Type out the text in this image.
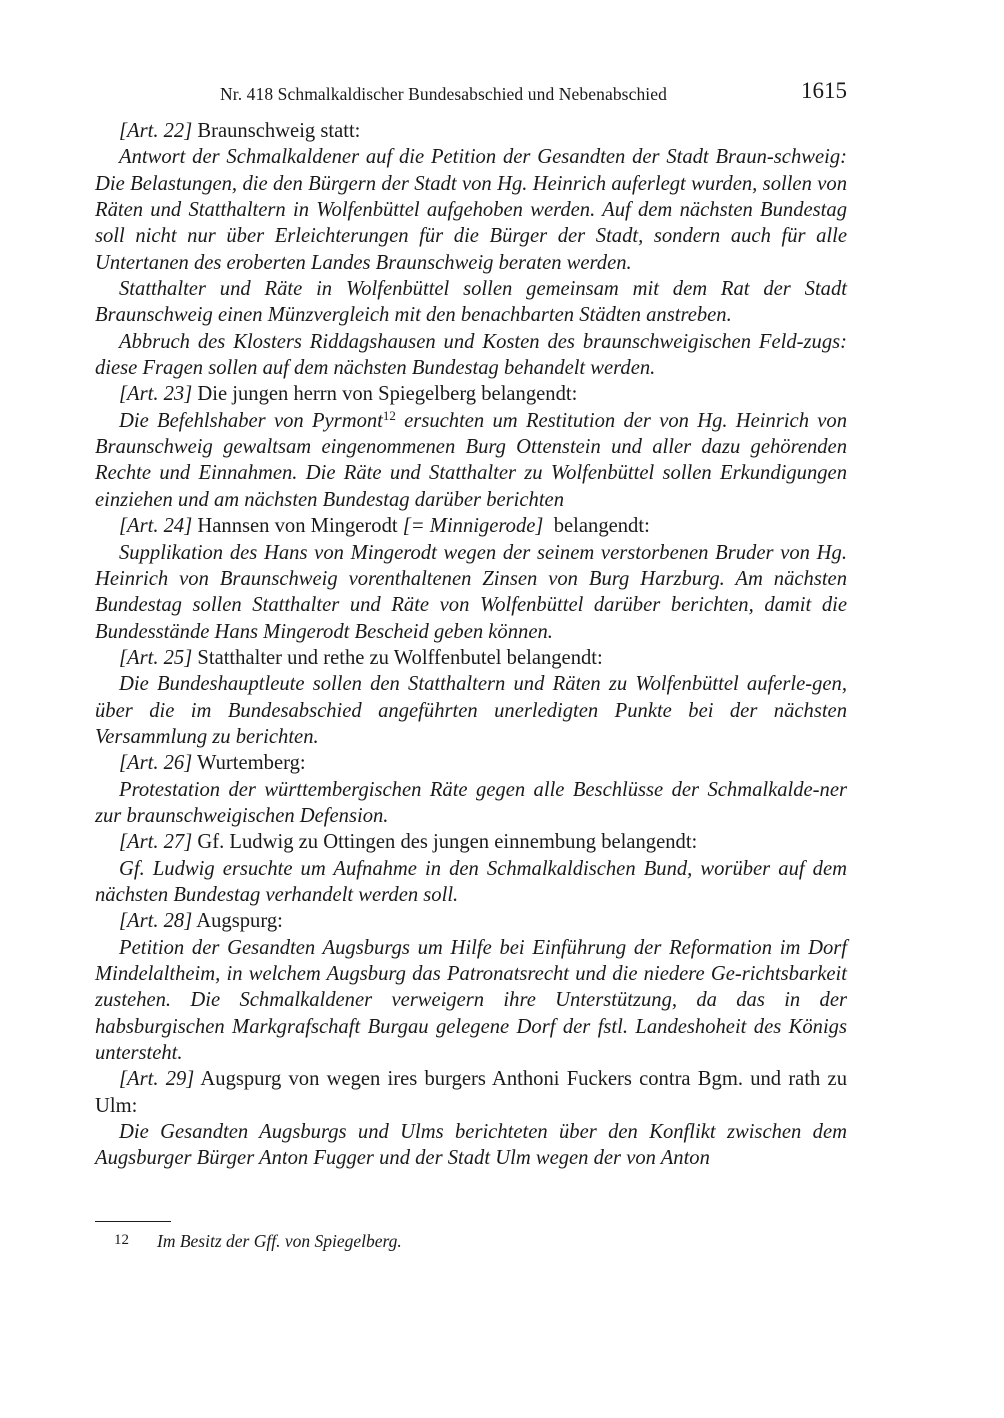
Nr. 418 Schmalkaldischer Bundesabschied und Nebenabschied	1615

[Art. 22] Braunschweig statt:

Antwort der Schmalkaldener auf die Petition der Gesandten der Stadt Braun-schweig: Die Belastungen, die den Bürgern der Stadt von Hg. Heinrich auferlegt wurden, sollen von Räten und Statthaltern in Wolfenbüttel aufgehoben werden. Auf dem nächsten Bundestag soll nicht nur über Erleichterungen für die Bürger der Stadt, sondern auch für alle Untertanen des eroberten Landes Braunschweig beraten werden.

Statthalter und Räte in Wolfenbüttel sollen gemeinsam mit dem Rat der Stadt Braunschweig einen Münzvergleich mit den benachbarten Städten anstreben.

Abbruch des Klosters Riddagshausen und Kosten des braunschweigischen Feld-zugs: diese Fragen sollen auf dem nächsten Bundestag behandelt werden.

[Art. 23] Die jungen herrn von Spiegelberg belangendt:

Die Befehlshaber von Pyrmont$^{12}$ ersuchten um Restitution der von Hg. Heinrich von Braunschweig gewaltsam eingenommenen Burg Ottenstein und aller dazu gehörenden Rechte und Einnahmen. Die Räte und Statthalter zu Wolfenbüttel sollen Erkundigungen einziehen und am nächsten Bundestag darüber berichten

[Art. 24] Hannsen von Mingerodt [= Minnigerode]  belangendt:

Supplikation des Hans von Mingerodt wegen der seinem verstorbenen Bruder von Hg. Heinrich von Braunschweig vorenthaltenen Zinsen von Burg Harzburg. Am nächsten Bundestag sollen Statthalter und Räte von Wolfenbüttel darüber berichten, damit die Bundesstände Hans Mingerodt Bescheid geben können.

[Art. 25] Statthalter und rethe zu Wolffenbutel belangendt:

Die Bundeshauptleute sollen den Statthaltern und Räten zu Wolfenbüttel auferle-gen, über die im Bundesabschied angeführten unerledigten Punkte bei der nächsten Versammlung zu berichten.

[Art. 26] Wurtemberg:

Protestation der württembergischen Räte gegen alle Beschlüsse der Schmalkalde-ner zur braunschweigischen Defension.

[Art. 27] Gf. Ludwig zu Ottingen des jungen einnembung belangendt:

Gf. Ludwig ersuchte um Aufnahme in den Schmalkaldischen Bund, worüber auf dem nächsten Bundestag verhandelt werden soll.

[Art. 28] Augspurg:

Petition der Gesandten Augsburgs um Hilfe bei Einführung der Reformation im Dorf Mindelaltheim, in welchem Augsburg das Patronatsrecht und die niedere Ge-richtsbarkeit zustehen. Die Schmalkaldener verweigern ihre Unterstützung, da das in der habsburgischen Markgrafschaft Burgau gelegene Dorf der fstl. Landeshoheit des Königs untersteht.

[Art. 29] Augspurg von wegen ires burgers Anthoni Fuckers contra Bgm. und rath zu Ulm:

Die Gesandten Augsburgs und Ulms berichteten über den Konflikt zwischen dem Augsburger Bürger Anton Fugger und der Stadt Ulm wegen der von Anton

12 Im Besitz der Gff. von Spiegelberg.
